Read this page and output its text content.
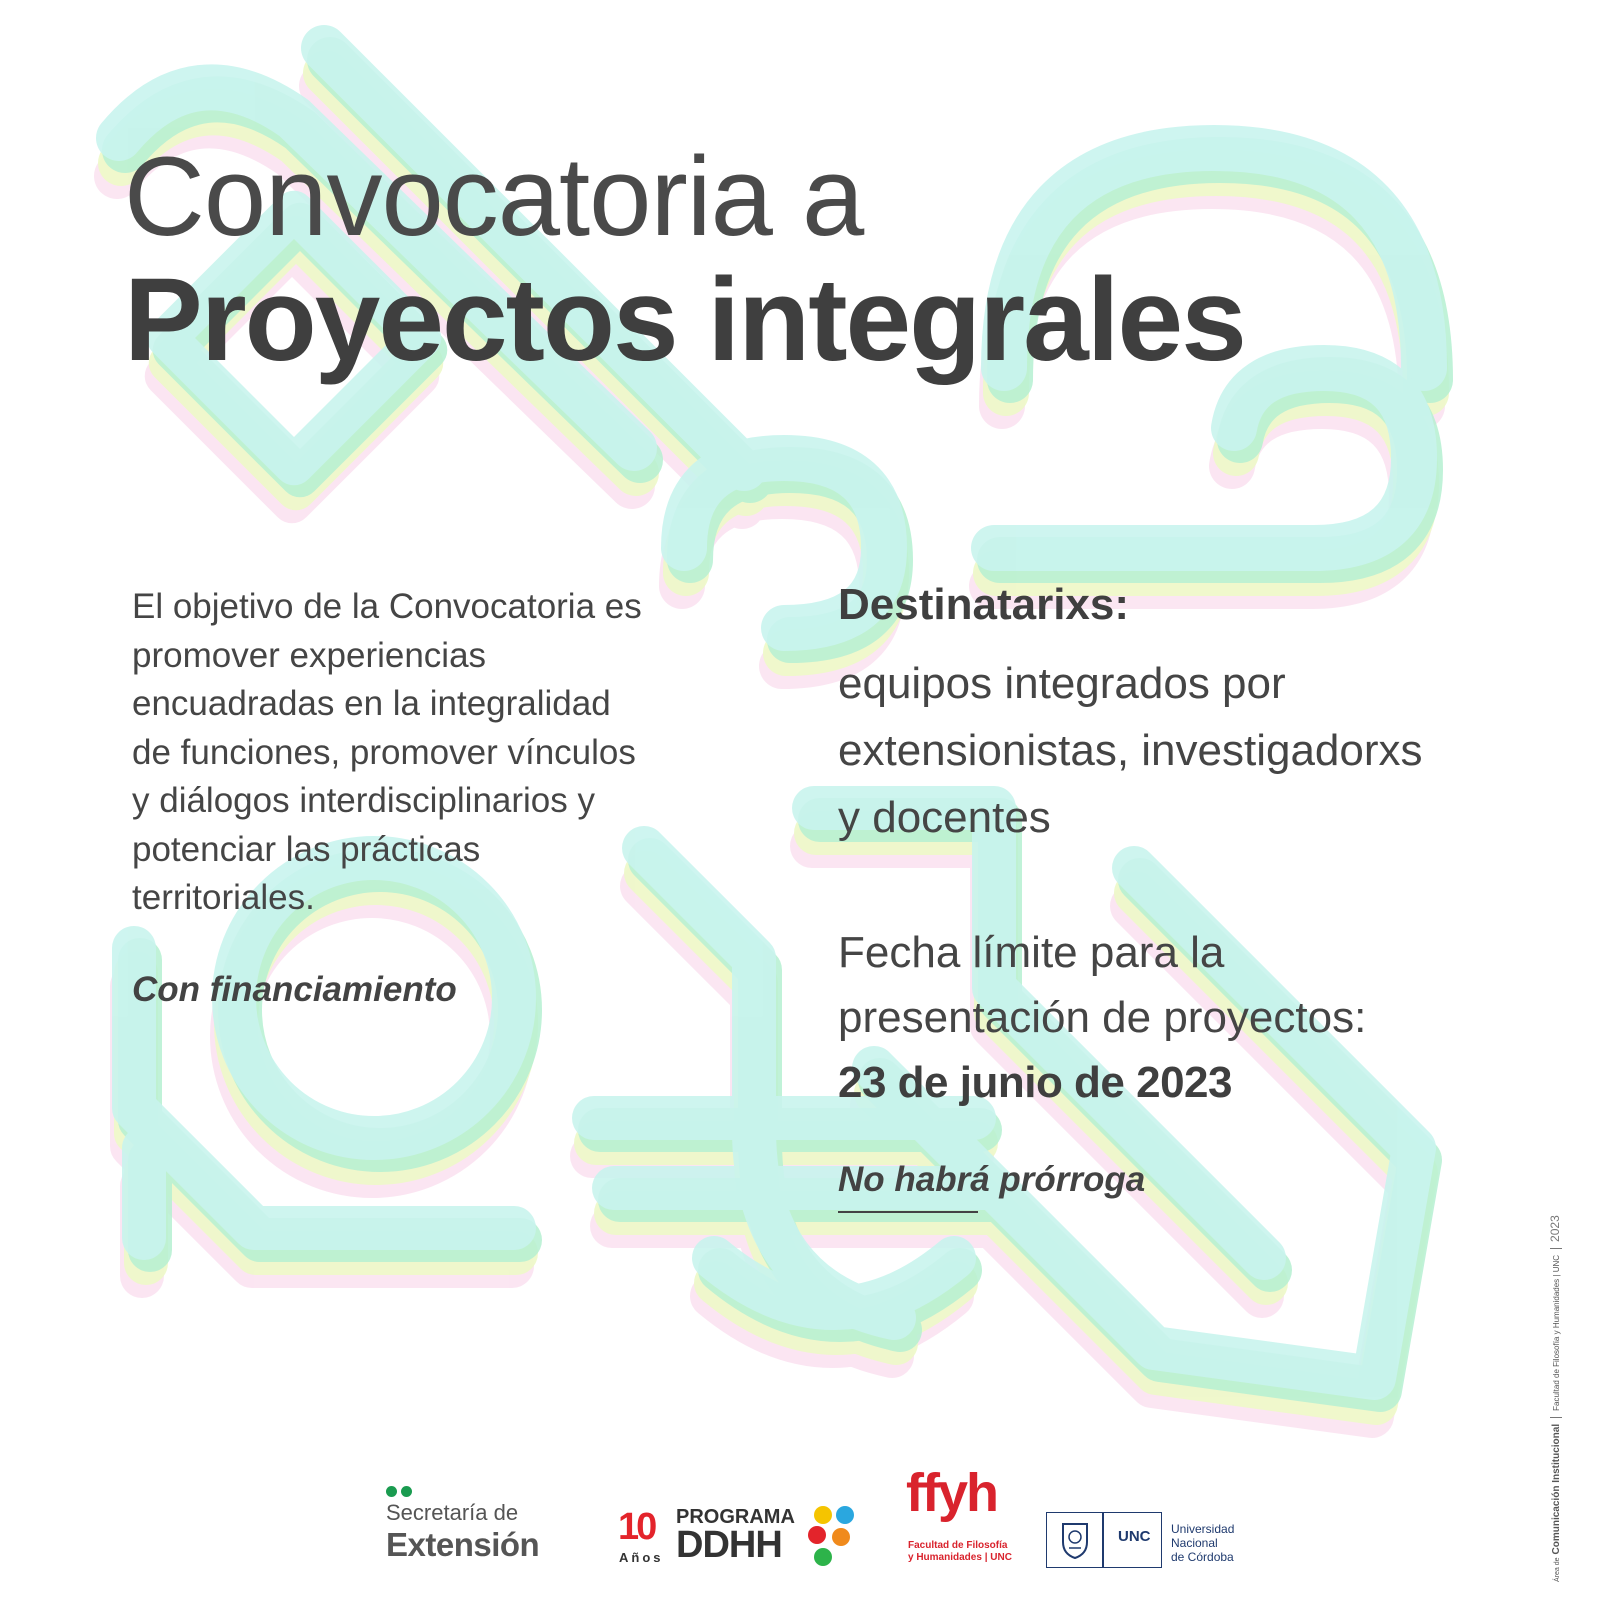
Convocatoria a
Proyectos integrales
El objetivo de la Convocatoria es
promover experiencias
encuadradas en la integralidad
de funciones, promover vínculos
y diálogos interdisciplinarios y
potenciar las prácticas
territoriales.
Con financiamiento
Destinatarixs:
equipos integrados por
extensionistas, investigadorxs
y docentes
Fecha límite para la
presentación de proyectos:
23 de junio de 2023
No habrá prórroga
Secretaría de
Extensión 10
Años
PROGRAMA
DDHH
ffyh
Facultad de Filosofía
y Humanidades | UNC
UNC Universidad
Nacional
de Córdoba
Área deComunicación InstitucionalFacultad de Filosofía y Humanidades | UNC2023
